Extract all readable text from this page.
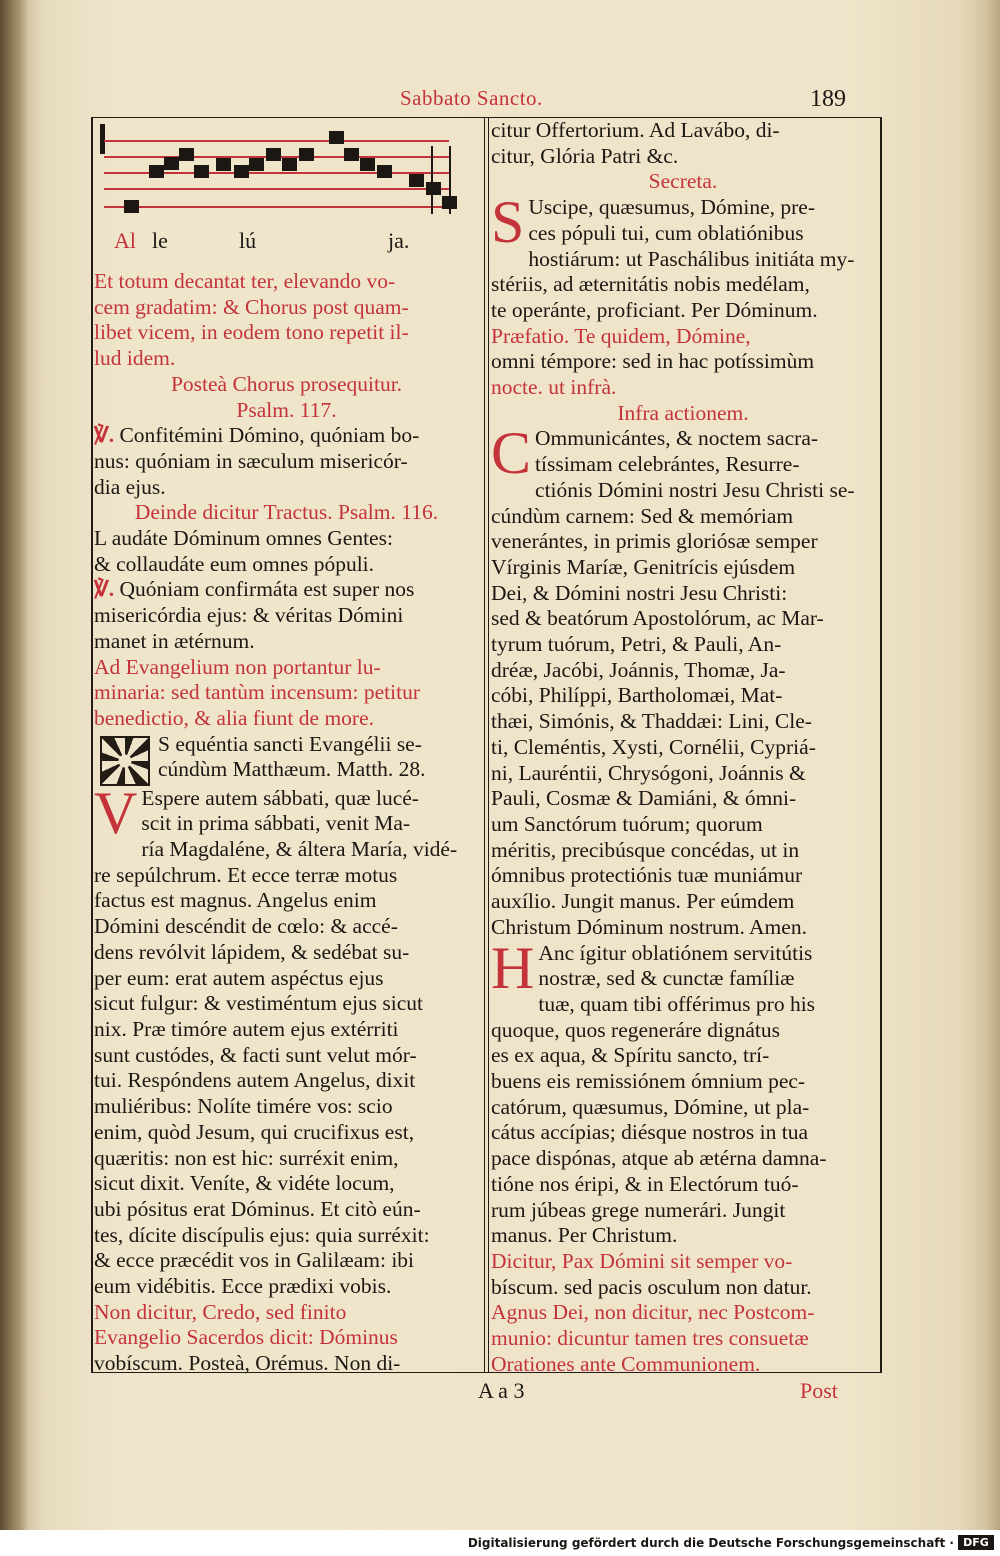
Sabbato Sancto.	189
Al le	lú	ja.
Et totum decantat ter, elevando vo-
cem gradatim: & Chorus post quam-
libet vicem, in eodem tono repetit il-
lud idem.
Posteà Chorus prosequitur.
Psalm. 117.
℣. Confitémini Dómino, quóniam bo-
nus: quóniam in sæculum misericór-
dia ejus.
Deinde dicitur Tractus. Psalm. 116.
L audáte Dóminum omnes Gentes:
& collaudáte eum omnes pópuli.
℣. Quóniam confirmáta est super nos
misericórdia ejus: & véritas Dómini
manet in ætérnum.
Ad Evangelium non portantur lu-
minaria: sed tantùm incensum: petitur
benedictio, & alia fiunt de more.
S equéntia sancti Evangélii se-
cúndùm Matthæum. Matth. 28.
V Espere autem sábbati, quæ lucé-
scit in prima sábbati, venit Ma-
ría Magdaléne, & áltera María, vidé-
re sepúlchrum. Et ecce terræ motus
factus est magnus. Angelus enim
Dómini descéndit de cœlo: & accé-
dens revólvit lápidem, & sedébat su-
per eum: erat autem aspéctus ejus
sicut fulgur: & vestiméntum ejus sicut
nix. Præ timóre autem ejus extérriti
sunt custódes, & facti sunt velut mór-
tui. Respóndens autem Angelus, dixit
muliéribus: Nolíte timére vos: scio
enim, quòd Jesum, qui crucifixus est,
quæritis: non est hic: surréxit enim,
sicut dixit. Veníte, & vidéte locum,
ubi pósitus erat Dóminus. Et citò eún-
tes, dícite discípulis ejus: quia surréxit:
& ecce præcédit vos in Galilæam: ibi
eum vidébitis. Ecce prædixi vobis.
Non dicitur, Credo, sed finito
Evangelio Sacerdos dicit: Dóminus
vobíscum. Posteà, Orémus. Non di-
citur Offertorium. Ad Lavábo, di-
citur, Glória Patri &c.
Secreta.
S Uscipe, quæsumus, Dómine, pre-
ces pópuli tui, cum oblatiónibus
hostiárum: ut Paschálibus initiáta my-
stériis, ad æternitátis nobis medélam,
te operánte, proficiant. Per Dóminum.
Præfatio. Te quidem, Dómine,
omni témpore: sed in hac potíssimùm
nocte. ut infrà.
Infra actionem.
C Ommunicántes, & noctem sacra-
tíssimam celebrántes, Resurre-
ctiónis Dómini nostri Jesu Christi se-
cúndùm carnem: Sed & memóriam
venerántes, in primis gloriósæ semper
Vírginis Maríæ, Genitrícis ejúsdem
Dei, & Dómini nostri Jesu Christi:
sed & beatórum Apostolórum, ac Mar-
tyrum tuórum, Petri, & Pauli, An-
dréæ, Jacóbi, Joánnis, Thomæ, Ja-
cóbi, Philíppi, Bartholomæi, Mat-
thæi, Simónis, & Thaddæi: Lini, Cle-
ti, Cleméntis, Xysti, Cornélii, Cypriá-
ni, Lauréntii, Chrysógoni, Joánnis &
Pauli, Cosmæ & Damiáni, & ómni-
um Sanctórum tuórum; quorum
méritis, precibúsque concédas, ut in
ómnibus protectiónis tuæ muniámur
auxílio. Jungit manus. Per eúmdem
Christum Dóminum nostrum. Amen.
H Anc ígitur oblatiónem servitútis
nostræ, sed & cunctæ famíliæ
tuæ, quam tibi offérimus pro his
quoque, quos regeneráre dignátus
es ex aqua, & Spíritu sancto, trí-
buens eis remissiónem ómnium pec-
catórum, quæsumus, Dómine, ut pla-
cátus accípias; diésque nostros in tua
pace dispónas, atque ab ætérna damna-
tióne nos éripi, & in Electórum tuó-
rum júbeas grege numerári. Jungit
manus. Per Christum.
Dicitur, Pax Dómini sit semper vo-
bíscum. sed pacis osculum non datur.
Agnus Dei, non dicitur, nec Postcom-
munio: dicuntur tamen tres consuetæ
Orationes ante Communionem.
A a 3	Post
Digitalisierung gefördert durch die Deutsche Forschungsgemeinschaft · DFG
